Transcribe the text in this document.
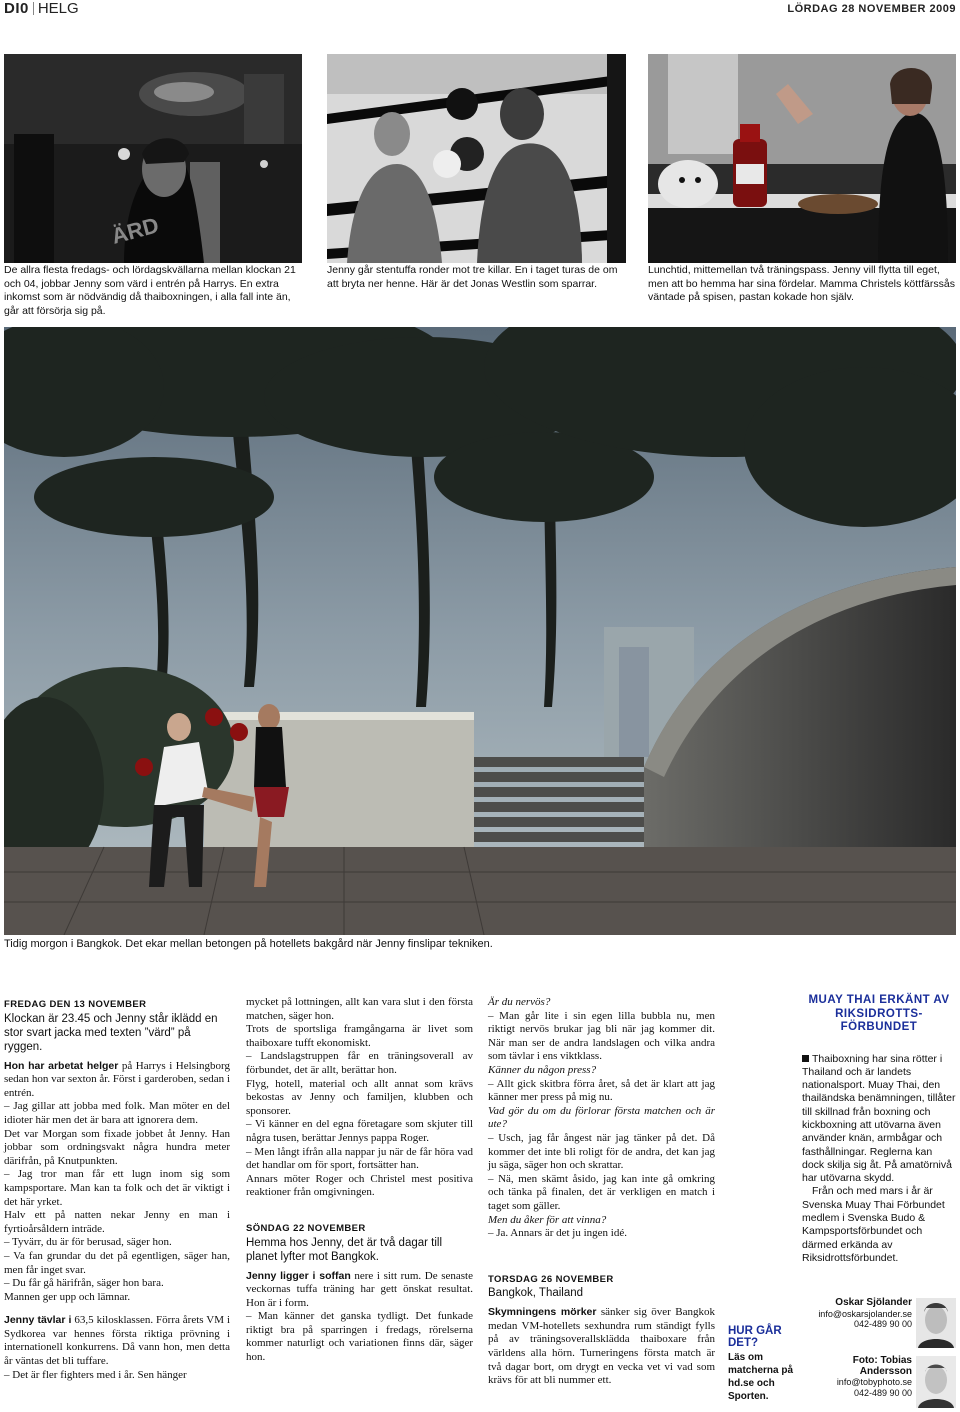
DI0 HELG	LÖRDAG 28 NOVEMBER 2009
ÄRD
De allra flesta fredags- och lördagskvällarna mellan klockan 21 och 04, jobbar Jenny som värd i entrén på Harrys. En extra inkomst som är nödvändig då thaiboxningen, i alla fall inte än, går att försörja sig på.
Jenny går stentuffa ronder mot tre killar. En i taget turas de om att bryta ner henne. Här är det Jonas Westlin som sparrar.
Lunchtid, mittemellan två träningspass. Jenny vill flytta till eget, men att bo hemma har sina fördelar. Mamma Christels köttfärssås väntade på spisen, pastan kokade hon själv.
Tidig morgon i Bangkok. Det ekar mellan betongen på hotellets bakgård när Jenny finslipar tekniken.

FREDAG DEN 13 NOVEMBER

Klockan är 23.45 och Jenny står iklädd en stor svart jacka med texten ”värd” på ryggen.

Hon har arbetat helger på Harrys i Helsingborg sedan hon var sexton år. Först i garderoben, sedan i entrén.

– Jag gillar att jobba med folk. Man möter en del idioter här men det är bara att ignorera dem.

Det var Morgan som fixade jobbet åt Jenny. Han jobbar som ordningsvakt några hundra meter därifrån, på Knutpunkten.

– Jag tror man får ett lugn inom sig som kampsportare. Man kan ta folk och det är viktigt i det här yrket.

Halv ett på natten nekar Jenny en man i fyrtioårsåldern inträde.

– Tyvärr, du är för berusad, säger hon.

– Va fan grundar du det på egentligen, säger han, men får inget svar.

– Du får gå härifrån, säger hon bara.

Mannen ger upp och lämnar.

Jenny tävlar i 63,5 kilosklassen. Förra årets VM i Sydkorea var hennes första riktiga prövning i internationell konkurrens. Då vann hon, men detta år väntas det bli tuffare.

– Det är fler fighters med i år. Sen hänger

mycket på lottningen, allt kan vara slut i den första matchen, säger hon.

Trots de sportsliga framgångarna är livet som thaiboxare tufft ekonomiskt.

– Landslagstruppen får en träningsoverall av förbundet, det är allt, berättar hon.

Flyg, hotell, material och allt annat som krävs bekostas av Jenny och familjen, klubben och sponsorer.

– Vi känner en del egna företagare som skjuter till några tusen, berättar Jennys pappa Roger.

– Men långt ifrån alla nappar ju när de får höra vad det handlar om för sport, fortsätter han.

Annars möter Roger och Christel mest positiva reaktioner från omgivningen.

SÖNDAG 22 NOVEMBER

Hemma hos Jenny, det är två dagar till planet lyfter mot Bangkok.

Jenny ligger i soffan nere i sitt rum. De senaste veckornas tuffa träning har gett önskat resultat. Hon är i form.

– Man känner det ganska tydligt. Det funkade riktigt bra på sparringen i fredags, rörelserna kommer naturligt och variationen finns där, säger hon.

Är du nervös?

– Man går lite i sin egen lilla bubbla nu, men riktigt nervös brukar jag bli när jag kommer dit. När man ser de andra landslagen och vilka andra som tävlar i ens viktklass.

Känner du någon press?

– Allt gick skitbra förra året, så det är klart att jag känner mer press på mig nu.

Vad gör du om du förlorar första matchen och är ute?

– Usch, jag får ångest när jag tänker på det. Då kommer det inte bli roligt för de andra, det kan jag ju säga, säger hon och skrattar.

– Nä, men skämt åsido, jag kan inte gå omkring och tänka på finalen, det är verkligen en match i taget som gäller.

Men du åker för att vinna?

– Ja. Annars är det ju ingen idé.

TORSDAG 26 NOVEMBER

Bangkok, Thailand

Skymningens mörker sänker sig över Bangkok medan VM-hotellets sexhundra rum ständigt fylls på av träningsoverallsklädda thaiboxare från världens alla hörn. Turneringens första match är två dagar bort, om drygt en vecka vet vi vad som krävs för att bli nummer ett.

MUAY THAI ERKÄNT AV RIKSIDROTTS-FÖRBUNDET

Thaiboxning har sina rötter i Thailand och är landets nationalsport. Muay Thai, den thailändska benämningen, tillåter till skillnad från boxning och kickboxning att utövarna även använder knän, armbågar och fasthållningar. Reglerna kan dock skilja sig åt. På amatörnivå har utövarna skydd.

Från och med mars i år är Svenska Muay Thai Förbundet medlem i Svenska Budo & Kampsportsförbundet och därmed erkända av Riksidrottsförbundet.

HUR GÅR DET?
Läs om matcherna på hd.se och Sporten.
Oskar Sjölander
info@oskarsjolander.se
042-489 90 00
Foto: Tobias Andersson
info@tobyphoto.se
042-489 90 00
